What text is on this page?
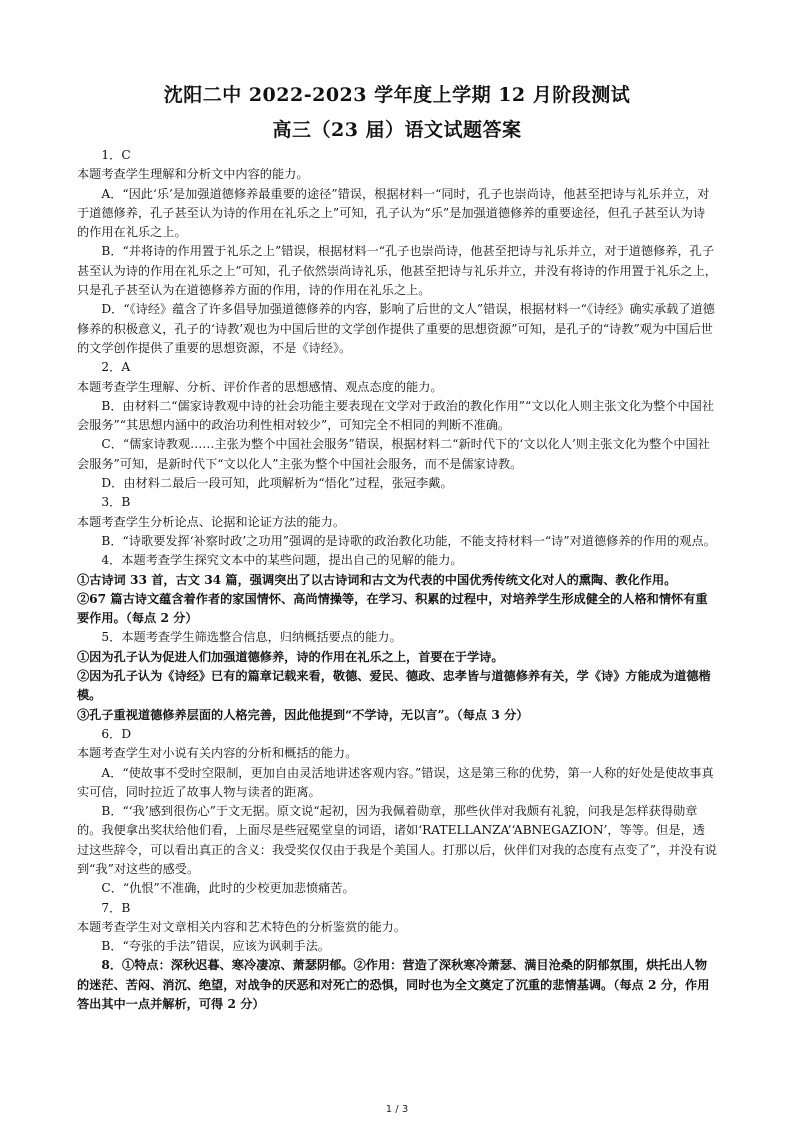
沈阳二中 2022-2023 学年度上学期 12 月阶段测试
高三（23 届）语文试题答案

1．C

本题考查学生理解和分析文中内容的能力。

A．“因此‘乐’是加强道德修养最重要的途径”错误，根据材料一“同时，孔子也崇尚诗，他甚至把诗与礼乐并立，对于道德修养，孔子甚至认为诗的作用在礼乐之上”可知，孔子认为“乐”是加强道德修养的重要途径，但孔子甚至认为诗的作用在礼乐之上。

B．“并将诗的作用置于礼乐之上”错误，根据材料一“孔子也崇尚诗，他甚至把诗与礼乐并立，对于道德修养，孔子甚至认为诗的作用在礼乐之上”可知，孔子依然崇尚诗礼乐，他甚至把诗与礼乐并立，并没有将诗的作用置于礼乐之上，只是孔子甚至认为在道德修养方面的作用，诗的作用在礼乐之上。

D．“《诗经》蕴含了许多倡导加强道德修养的内容，影响了后世的文人”错误，根据材料一“《诗经》确实承载了道德修养的积极意义，孔子的‘诗教’观也为中国后世的文学创作提供了重要的思想资源”可知，是孔子的“诗教”观为中国后世的文学创作提供了重要的思想资源，不是《诗经》。

2．A

本题考查学生理解、分析、评价作者的思想感情、观点态度的能力。

B．由材料二“儒家诗教观中诗的社会功能主要表现在文学对于政治的教化作用”“文以化人则主张文化为整个中国社会服务”“其思想内涵中的政治功利性相对较少”，可知完全不相同的判断不准确。

C．“儒家诗教观……主张为整个中国社会服务”错误，根据材料二“新时代下的‘文以化人’则主张文化为整个中国社会服务”可知，是新时代下“文以化人”主张为整个中国社会服务，而不是儒家诗教。

D．由材料二最后一段可知，此项解析为“悟化”过程，张冠李戴。

3．B

本题考查学生分析论点、论据和论证方法的能力。

B．“诗歌要发挥‘补察时政’之功用”强调的是诗歌的政治教化功能，不能支持材料一“诗”对道德修养的作用的观点。

4．本题考查学生探究文本中的某些问题，提出自己的见解的能力。

①古诗词 33 首，古文 34 篇，强调突出了以古诗词和古文为代表的中国优秀传统文化对人的熏陶、教化作用。

②67 篇古诗文蕴含着作者的家国情怀、高尚情操等，在学习、积累的过程中，对培养学生形成健全的人格和情怀有重要作用。（每点 2 分）

5．本题考查学生筛选整合信息，归纳概括要点的能力。

①因为孔子认为促进人们加强道德修养，诗的作用在礼乐之上，首要在于学诗。

②因为孔子认为《诗经》已有的篇章记载来看，敬德、爱民、德政、忠孝皆与道德修养有关，学《诗》方能成为道德楷模。

③孔子重视道德修养层面的人格完善，因此他提到“不学诗，无以言”。（每点 3 分）

6．D

本题考查学生对小说有关内容的分析和概括的能力。

A．“使故事不受时空限制，更加自由灵活地讲述客观内容。”错误，这是第三称的优势，第一人称的好处是使故事真实可信，同时拉近了故事人物与读者的距离。

B．“‘我’感到很伤心”于文无据。原文说“起初，因为我佩着勋章，那些伙伴对我颇有礼貌，问我是怎样获得勋章的。我便拿出奖状给他们看，上面尽是些冠冕堂皇的词语，诸如‘RATELLANZA’‘ABNEGAZION’，等等。但是，透过这些辞令，可以看出真正的含义：我受奖仅仅由于我是个美国人。打那以后，伙伴们对我的态度有点变了”，并没有说到“我”对这些的感受。

C．“仇恨”不准确，此时的少校更加悲愤痛苦。

7．B

本题考查学生对文章相关内容和艺术特色的分析鉴赏的能力。

B．“夸张的手法”错误，应该为讽刺手法。

8．①特点：深秋迟暮、寒冷凄凉、萧瑟阴郁。②作用：营造了深秋寒冷萧瑟、满目沧桑的阴郁氛围，烘托出人物的迷茫、苦闷、消沉、绝望，对战争的厌恶和对死亡的恐惧，同时也为全文奠定了沉重的悲情基调。（每点 2 分，作用答出其中一点并解析，可得 2 分）

1 / 3
